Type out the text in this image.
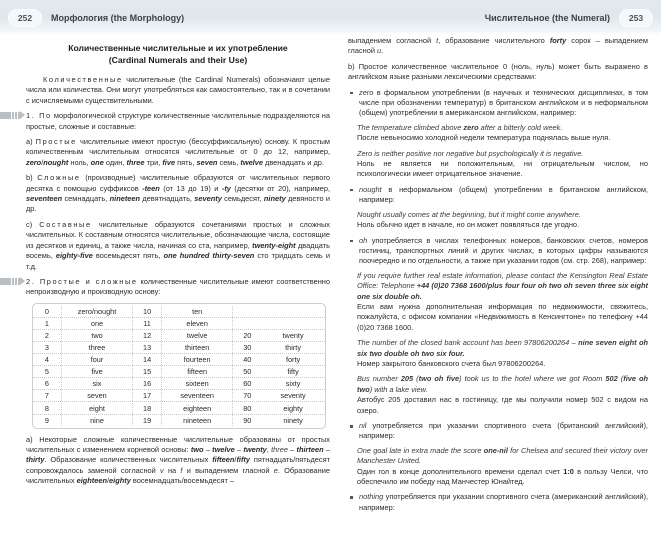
252	Морфология (the Morphology)	Числительное (the Numeral)	253
Количественные числительные и их употребление
(Cardinal Numerals and their Use)

Количественные числительные (the Cardinal Numerals) обозначают целые числа или количества. Они могут употребляться как самостоятельно, так и в сочетании с исчисляемыми существительными.

1. По морфологической структуре количественные числительные подразделяются на простые, сложные и составные:

a) Простые числительные имеют простую (бессуффиксальную) основу. К простым количественным числительным относятся числительные от 0 до 12, например, zero/nought ноль, one один, three три, five пять, seven семь, twelve двенадцать и др.

b) Сложные (производные) числительные образуются от числительных первого десятка с помощью суффиксов -teen (от 13 до 19) и -ty (десятки от 20), например, seventeen семнадцать, nineteen девятнадцать, seventy семьдесят, ninety девяносто и др.

c) Составные числительные образуются сочетаниями простых и сложных числительных. К составным относятся числительные, обозначающие числа, состоящие из десятков и единиц, а также числа, начиная со ста, например, twenty-eight двадцать восемь, eighty-five восемьдесят пять, one hundred thirty-seven сто тридцать семь и т.д.

2. Простые и сложные количественные числительные имеют соответственно непроизводную и производную основу:

0	zero/nought	10	ten
1	one	11	eleven
2	two	12	twelve	20	twenty
3	three	13	thirteen	30	thirty
4	four	14	fourteen	40	forty
5	five	15	fifteen	50	fifty
6	six	16	sixteen	60	sixty
7	seven	17	seventeen	70	seventy
8	eight	18	eighteen	80	eighty
9	nine	19	nineteen	90	ninety

a) Некоторые сложные количественные числительные образованы от простых числительных с изменением корневой основы: two – twelve – twenty, three – thirteen – thirty. Образование количественных числительных fifteen/fifty пятнадцать/пятьдесят сопровождалось заменой согласной v на f и выпадением гласной e. Образование числительных eighteen/eighty восемнадцать/восемьдесят –

выпадением согласной t, образование числительного forty сорок – выпадением гласной u.

b) Простое количественное числительное 0 (ноль, нуль) может быть выражено в английском языке разными лексическими средствами:

zero в формальном употреблении (в научных и технических дисциплинах, в том числе при обозначении температур) в британском английском и в неформальном (общем) употреблении в американском английском, например:
The temperature climbed above zero after a bitterly cold week.
После невыносимо холодной недели температура поднялась выше нуля.
Zero is neither positive nor negative but psychologically it is negative.
Ноль не является ни положительным, ни отрицательным числом, но психологически имеет отрицательное значение.
nought в неформальном (общем) употреблении в британском английском, например:
Nought usually comes at the beginning, but it might come anywhere.
Ноль обычно идет в начале, но он может появляться где угодно.
oh употребляется в числах телефонных номеров, банковских счетов, номеров гостиниц, транспортных линий и других числах, в которых цифры называются поочередно и по отдельности, а также при указании годов (см. стр. 268), например:
If you require further real estate information, please contact the Kensington Real Estate Office: Telephone +44 (0)20 7368 1600/plus four four oh two oh seven three six eight one six double oh.
Если вам нужна дополнительная информация по недвижимости, свяжитесь, пожалуйста, с офисом компании «Недвижимость в Кенсингтоне» по телефону +44 (0)20 7368 1600.
The number of the closed bank account has been 97806200264 – nine seven eight oh six two double oh two six four.
Номер закрытого банковского счета был 97806200264.
Bus number 205 (two oh five) took us to the hotel where we got Room 502 (five oh two) with a lake view.
Автобус 205 доставил нас в гостиницу, где мы получили номер 502 с видом на озеро.
nil употребляется при указании спортивного счета (британский английский), например:
One goal late in extra made the score one-nil for Chelsea and secured their victory over Manchester United.
Один гол в конце дополнительного времени сделал счет 1:0 в пользу Челси, что обеспечило им победу над Манчестер Юнайтед.
nothing употребляется при указании спортивного счета (американский английский), например:
